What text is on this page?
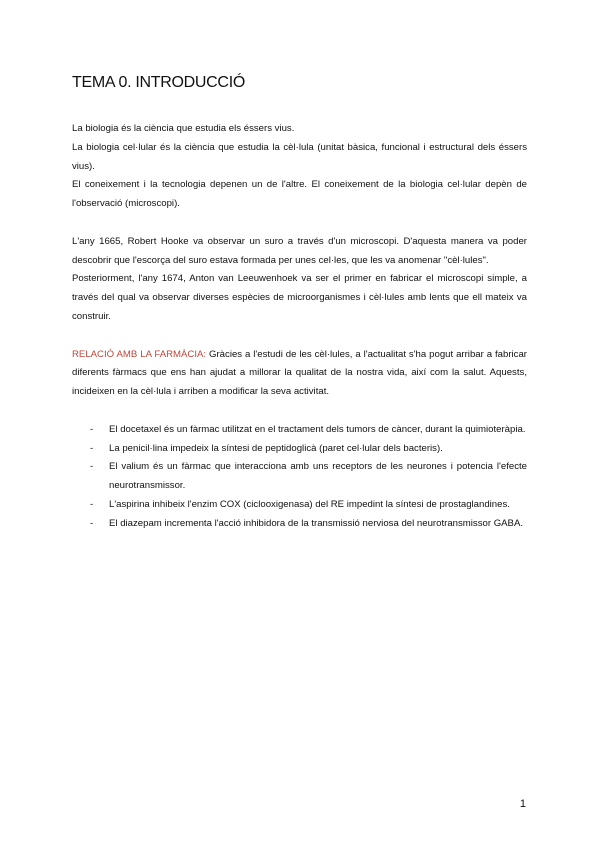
TEMA 0. INTRODUCCIÓ

La biologia és la ciència que estudia els éssers vius.

La biologia cel·lular és la ciència que estudia la cèl·lula (unitat bàsica, funcional i estructural dels éssers vius).

El coneixement i la tecnologia depenen un de l'altre. El coneixement de la biologia cel·lular depèn de l'observació (microscopi).

L'any 1665, Robert Hooke va observar un suro a través d'un microscopi. D'aquesta manera va poder descobrir que l'escorça del suro estava formada per unes cel·les, que les va anomenar "cèl·lules".

Posteriorment, l'any 1674, Anton van Leeuwenhoek va ser el primer en fabricar el microscopi simple, a través del qual va observar diverses espècies de microorganismes i cèl·lules amb lents que ell mateix va construir.

RELACIÓ AMB LA FARMÀCIA: Gràcies a l'estudi de les cèl·lules, a l'actualitat s'ha pogut arribar a fabricar diferents fàrmacs que ens han ajudat a millorar la qualitat de la nostra vida, així com la salut. Aquests, incideixen en la cèl·lula i arriben a modificar la seva activitat.

- El docetaxel és un fàrmac utilitzat en el tractament dels tumors de càncer, durant la quimioteràpia.
- La penicil·lina impedeix la síntesi de peptidoglicà (paret cel·lular dels bacteris).
- El valium és un fàrmac que interacciona amb uns receptors de les neurones i potencia l'efecte neurotransmissor.
- L'aspirina inhibeix l'enzim COX (ciclooxigenasa) del RE impedint la síntesi de prostaglandines.
- El diazepam incrementa l'acció inhibidora de la transmissió nerviosa del neurotransmissor GABA.
1
